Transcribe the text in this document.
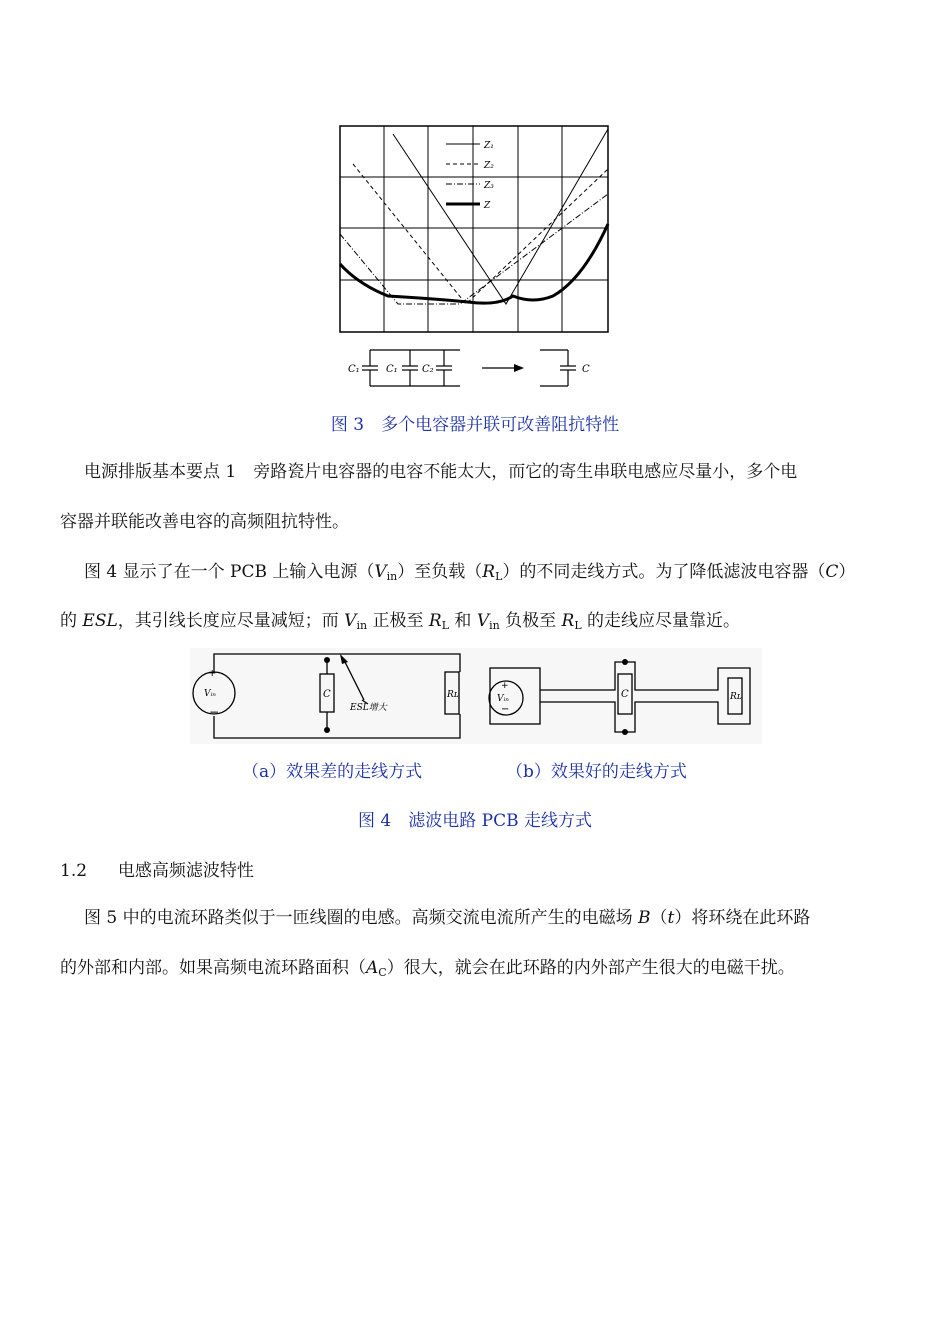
Z₁
Z₂
Z₃
Z
C₁	C₁ C₂	C
图 3　多个电容器并联可改善阻抗特性
电源排版基本要点 1　旁路瓷片电容器的电容不能太大，而它的寄生串联电感应尽量小，多个电
容器并联能改善电容的高频阻抗特性。
图 4 显示了在一个 PCB 上输入电源$(V_{in})$至负载$(R_L)$的不同走线方式。为了降低滤波电容器（C）
的 ESL，其引线长度应尽量减短；而 $V_{in}$ 正极至 $R_L$ 和 $V_{in}$ 负极至 $R_L$ 的走线应尽量靠近。
+
−
Vᵢₙ	C	Rʟ
ESL增大
+
−
Vᵢₙ	C	Rʟ
（a）效果差的走线方式	（b）效果好的走线方式
图 4　滤波电路 PCB 走线方式
1.2 电感高频滤波特性
图 5 中的电流环路类似于一匝线圈的电感。高频交流电流所产生的电磁场 B（t）将环绕在此环路
的外部和内部。如果高频电流环路面积$(A_C)$很大，就会在此环路的内外部产生很大的电磁干扰。
